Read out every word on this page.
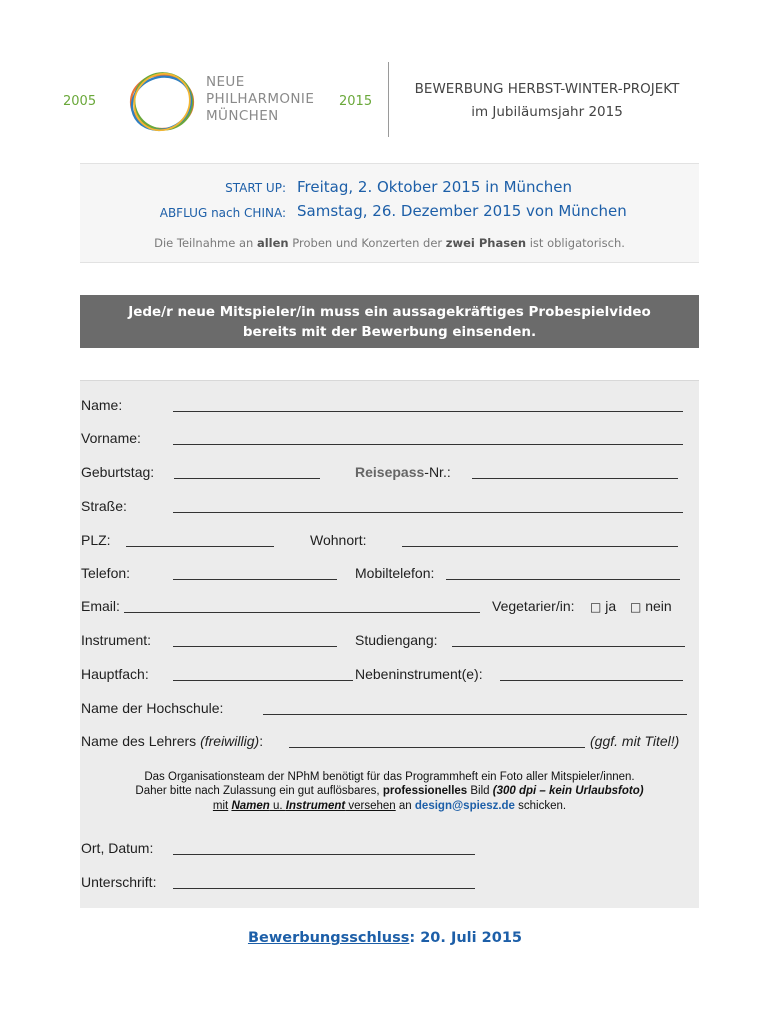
2005
NEUE
PHILHARMONIE
MÜNCHEN
2015
BEWERBUNG HERBST-WINTER-PROJEKT
im Jubiläumsjahr 2015
START UP: Freitag, 2. Oktober 2015 in München
ABFLUG nach CHINA: Samstag, 26. Dezember 2015 von München
Die Teilnahme an allen Proben und Konzerten der zwei Phasen ist obligatorisch.
Jede/r neue Mitspieler/in muss ein aussagekräftiges Probespielvideo
bereits mit der Bewerbung einsenden.
Name:
Vorname:
Geburtstag:	Reisepass-Nr.:
Straße:
PLZ:	Wohnort:
Telefon:	Mobiltelefon:
Email:	Vegetarier/in: □ ja □ nein
Instrument:	Studiengang:
Hauptfach:	Nebeninstrument(e):
Name der Hochschule:
Name des Lehrers (freiwillig):	(ggf. mit Titel!)
Das Organisationsteam der NPhM benötigt für das Programmheft ein Foto aller Mitspieler/innen.
Daher bitte nach Zulassung ein gut auflösbares, professionelles Bild (300 dpi – kein Urlaubsfoto)
mit Namen u. Instrument versehen an design@spiesz.de schicken.
Ort, Datum:
Unterschrift:
Bewerbungsschluss: 20. Juli 2015
